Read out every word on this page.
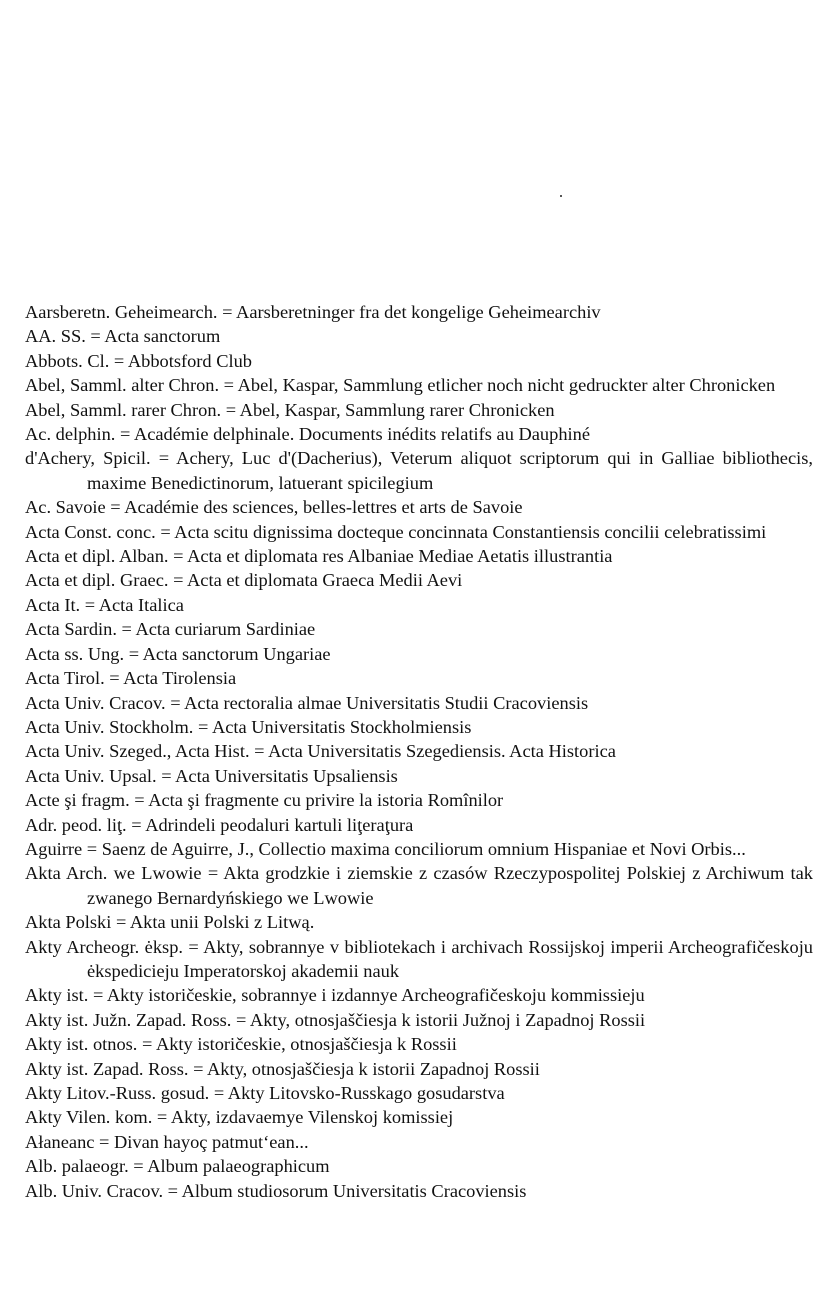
Aarsberetn. Geheimearch. = Aarsberetninger fra det kongelige Geheimearchiv
AA. SS. = Acta sanctorum
Abbots. Cl. = Abbotsford Club
Abel, Samml. alter Chron. = Abel, Kaspar, Sammlung etlicher noch nicht gedruckter alter Chronicken
Abel, Samml. rarer Chron. = Abel, Kaspar, Sammlung rarer Chronicken
Ac. delphin. = Académie delphinale. Documents inédits relatifs au Dauphiné
d'Achery, Spicil. = Achery, Luc d'(Dacherius), Veterum aliquot scriptorum qui in Galliae bibliothecis, maxime Benedictinorum, latuerant spicilegium
Ac. Savoie = Académie des sciences, belles-lettres et arts de Savoie
Acta Const. conc. = Acta scitu dignissima docteque concinnata Constantiensis concilii celebratissimi
Acta et dipl. Alban. = Acta et diplomata res Albaniae Mediae Aetatis illustrantia
Acta et dipl. Graec. = Acta et diplomata Graeca Medii Aevi
Acta It. = Acta Italica
Acta Sardin. = Acta curiarum Sardiniae
Acta ss. Ung. = Acta sanctorum Ungariae
Acta Tirol. = Acta Tirolensia
Acta Univ. Cracov. = Acta rectoralia almae Universitatis Studii Cracoviensis
Acta Univ. Stockholm. = Acta Universitatis Stockholmiensis
Acta Univ. Szeged., Acta Hist. = Acta Universitatis Szegediensis. Acta Historica
Acta Univ. Upsal. = Acta Universitatis Upsaliensis
Acte şi fragm. = Acta şi fragmente cu privire la istoria Romînilor
Adr. peod. liţ. = Adrindeli peodaluri kartuli liţeraţura
Aguirre = Saenz de Aguirre, J., Collectio maxima conciliorum omnium Hispaniae et Novi Orbis...
Akta Arch. we Lwowie = Akta grodzkie i ziemskie z czasów Rzeczypospolitej Polskiej z Archiwum tak zwanego Bernardyńskiego we Lwowie
Akta Polski = Akta unii Polski z Litwą.
Akty Archeogr. ėksp. = Akty, sobrannye v bibliotekach i archivach Rossijskoj imperii Archeografičeskoju ėkspedicieju Imperatorskoj akademii nauk
Akty ist. = Akty istoričeskie, sobrannye i izdannye Archeografičeskoju kommissieju
Akty ist. Južn. Zapad. Ross. = Akty, otnosjaščiesja k istorii Južnoj i Zapadnoj Rossii
Akty ist. otnos. = Akty istoričeskie, otnosjaščiesja k Rossii
Akty ist. Zapad. Ross. = Akty, otnosjaščiesja k istorii Zapadnoj Rossii
Akty Litov.-Russ. gosud. = Akty Litovsko-Russkago gosudarstva
Akty Vilen. kom. = Akty, izdavaemye Vilenskoj komissiej
Ałaneanc = Divan hayoç patmutʻean...
Alb. palaeogr. = Album palaeographicum
Alb. Univ. Cracov. = Album studiosorum Universitatis Cracoviensis
